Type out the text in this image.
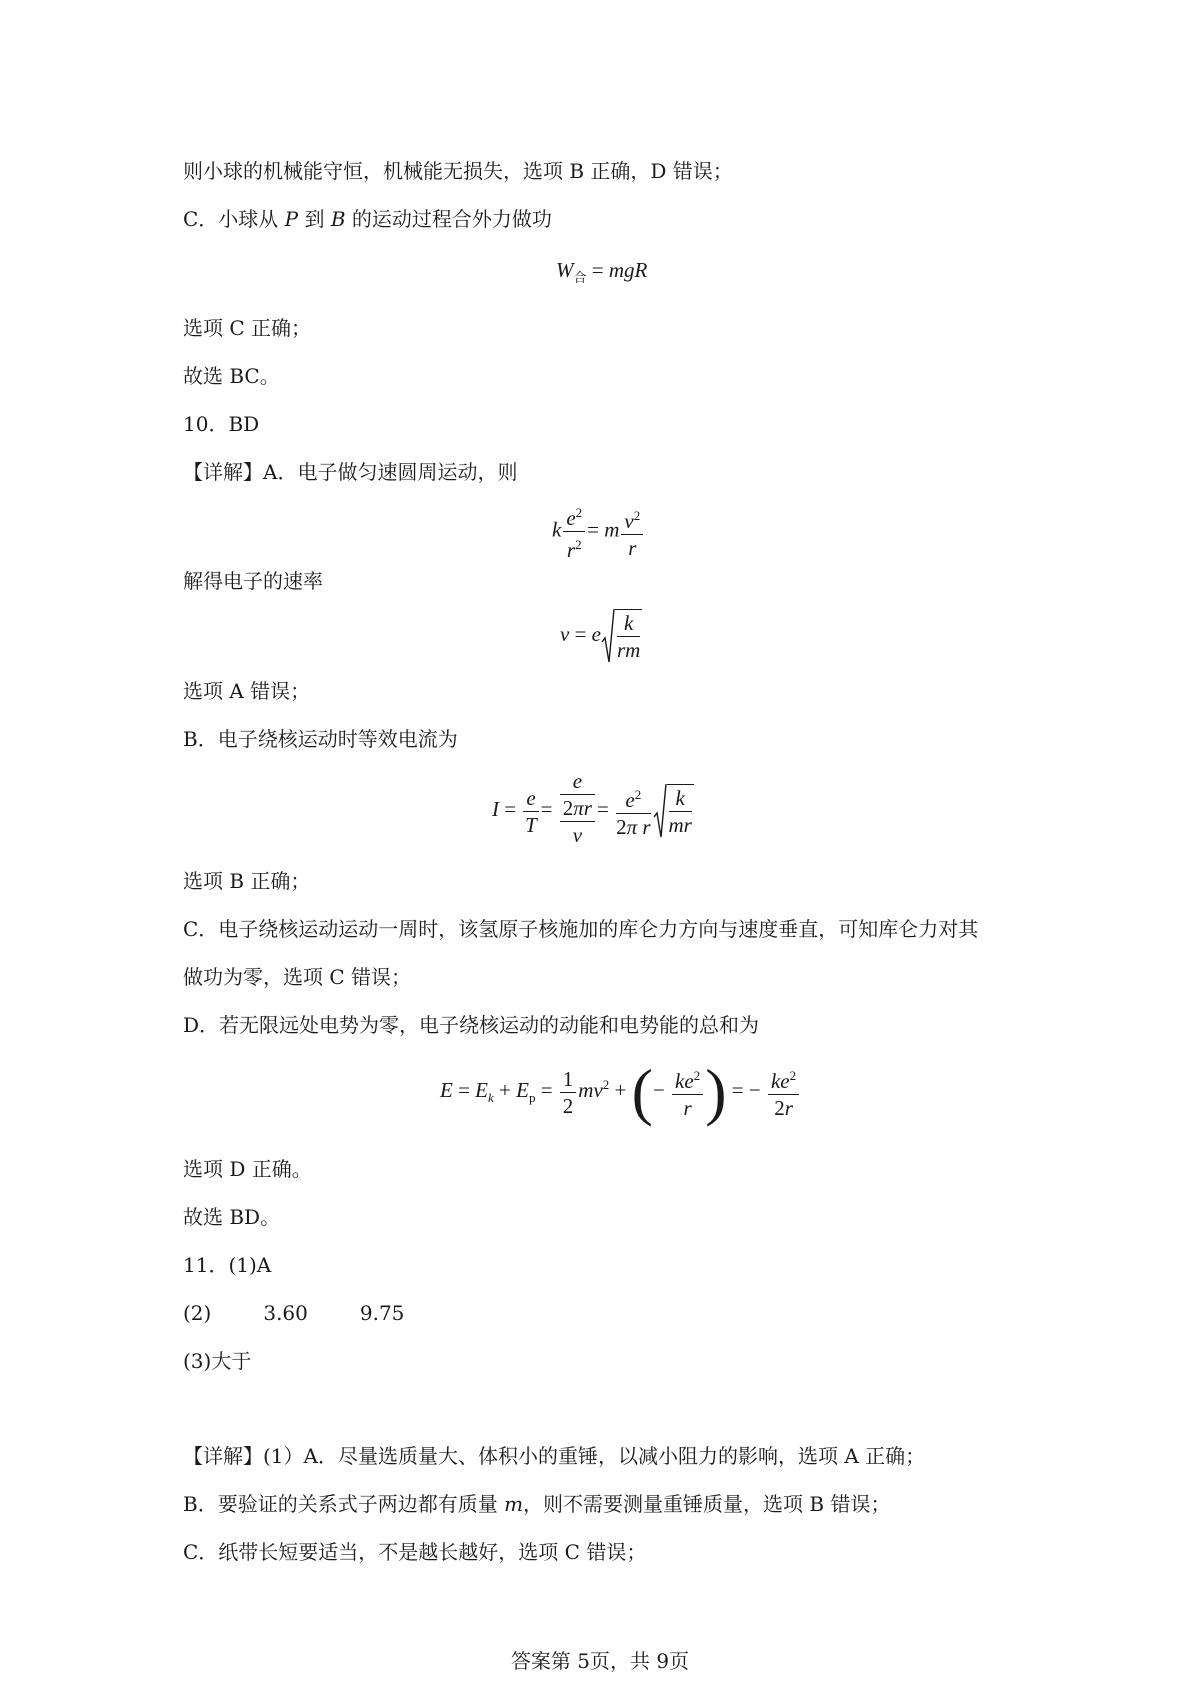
则小球的机械能守恒，机械能无损失，选项 B 正确，D 错误；
C．小球从 P 到 B 的运动过程合外力做功
$W_合$ = mgR
选项 C 正确；
故选 BC。
10．BD
【详解】A．电子做匀速圆周运动，则
k $\frac{e^2}{r^2} = m \frac{v^2}{r}$
解得电子的速率
v = e $\frac{k}{rm}$
选项 A 错误；
B．电子绕核运动时等效电流为
$I = \frac{e}{T}$ =
e
2πr
v
= $\frac{e^2}{\text{2π r}} \frac{k}{mr}$
选项 B 正确；
C．电子绕核运动运动一周时，该氢原子核施加的库仑力方向与速度垂直，可知库仑力对其
做功为零，选项 C 错误；
D．若无限远处电势为零，电子绕核运动的动能和电势能的总和为
$E = E_k + E_p = \frac{1}{2} mv^2$ + (− $\frac{ke^2}{r}$ ) = − $\frac{ke^2}{2r}$
选项 D 正确。
故选 BD。
11．(1)A
(2)	3.60	9.75
(3)大于
【详解】(1）A．尽量选质量大、体积小的重锤，以减小阻力的影响，选项 A 正确；
B．要验证的关系式子两边都有质量 m，则不需要测量重锤质量，选项 B 错误；
C．纸带长短要适当，不是越长越好，选项 C 错误；
答案第 5页，共 9页
